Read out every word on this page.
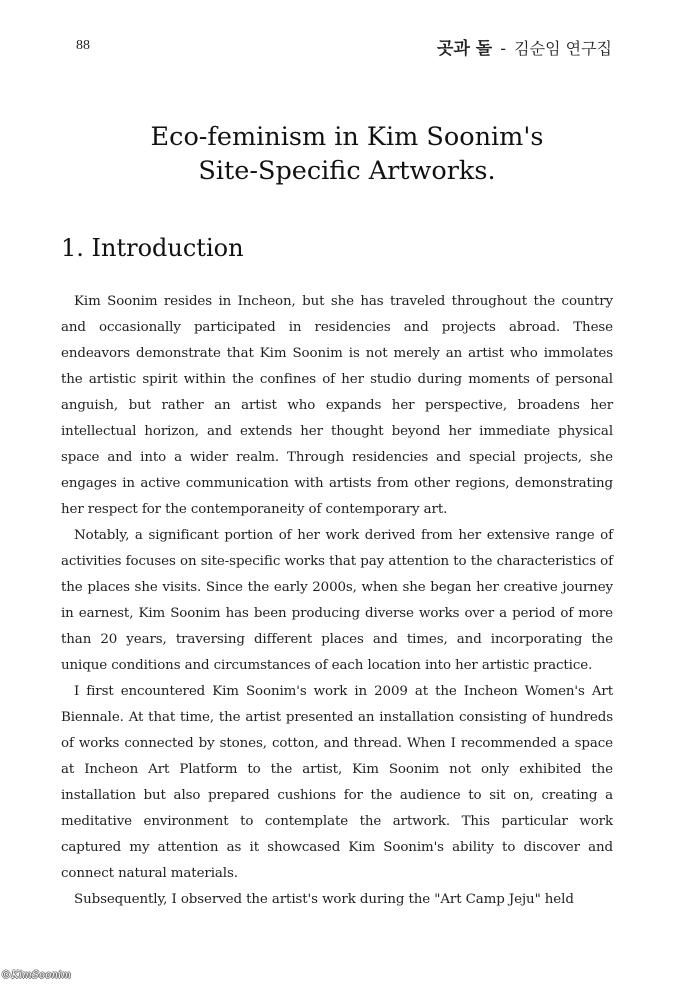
88	곳과 돌 - 김순임 연구집
Eco-feminism in Kim Soonim's
Site-Specific Artworks.
1. Introduction

Kim Soonim resides in Incheon, but she has traveled throughout the country and occasionally participated in residencies and projects abroad. These endeavors demonstrate that Kim Soonim is not merely an artist who immolates the artistic spirit within the confines of her studio during moments of personal anguish, but rather an artist who expands her perspective, broadens her intellectual horizon, and extends her thought beyond her immediate physical space and into a wider realm. Through residencies and special projects, she engages in active communication with artists from other regions, demonstrating her respect for the contemporaneity of contemporary art.

Notably, a significant portion of her work derived from her extensive range of activities focuses on site-specific works that pay attention to the characteristics of the places she visits. Since the early 2000s, when she began her creative journey in earnest, Kim Soonim has been producing diverse works over a period of more than 20 years, traversing different places and times, and incorporating the unique conditions and circumstances of each location into her artistic practice.

I first encountered Kim Soonim's work in 2009 at the Incheon Women's Art Biennale. At that time, the artist presented an installation consisting of hundreds of works connected by stones, cotton, and thread. When I recommended a space at Incheon Art Platform to the artist, Kim Soonim not only exhibited the installation but also prepared cushions for the audience to sit on, creating a meditative environment to contemplate the artwork. This particular work captured my attention as it showcased Kim Soonim's ability to discover and connect natural materials.

Subsequently, I observed the artist's work during the "Art Camp Jeju" held

©KimSoonim
